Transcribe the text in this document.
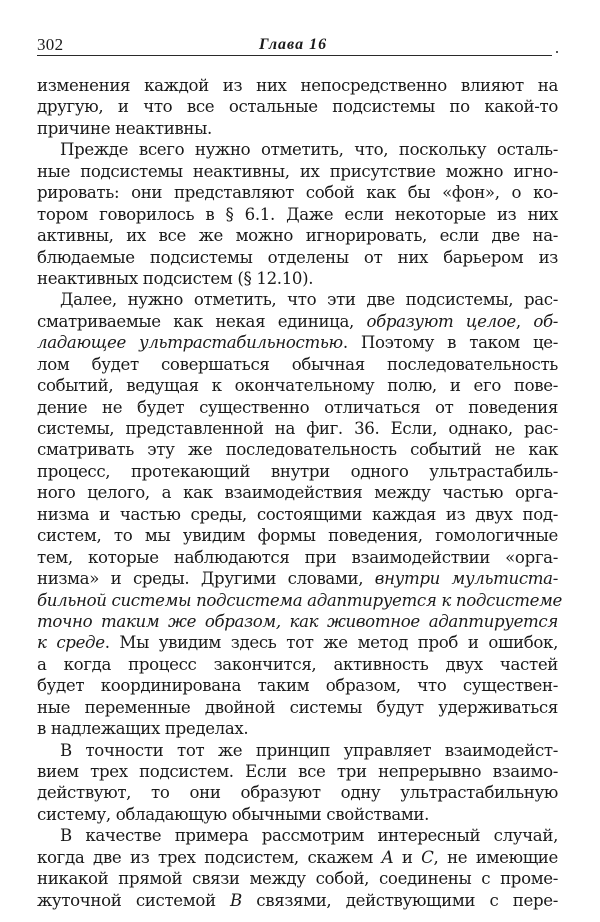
302	Глава 16
изменения каждой из них непосредственно влияют на
другую, и что все остальные подсистемы по какой-то
причине неактивны.
Прежде всего нужно отметить, что, поскольку осталь-
ные подсистемы неактивны, их присутствие можно игно-
рировать: они представляют собой как бы «фон», о ко-
тором говорилось в § 6.1. Даже если некоторые из них
активны, их все же можно игнорировать, если две на-
блюдаемые подсистемы отделены от них барьером из
неактивных подсистем (§ 12.10).
Далее, нужно отметить, что эти две подсистемы, рас-
сматриваемые как некая единица, образуют целое, об-
ладающее ультрастабильностью. Поэтому в таком це-
лом будет совершаться обычная последовательность
событий, ведущая к окончательному полю, и его пове-
дение не будет существенно отличаться от поведения
системы, представленной на фиг. 36. Если, однако, рас-
сматривать эту же последовательность событий не как
процесс, протекающий внутри одного ультрастабиль-
ного целого, а как взаимодействия между частью орга-
низма и частью среды, состоящими каждая из двух под-
систем, то мы увидим формы поведения, гомологичные
тем, которые наблюдаются при взаимодействии «орга-
низма» и среды. Другими словами, внутри мультиста-
бильной системы подсистема адаптируется к подсистеме
точно таким же образом, как животное адаптируется
к среде. Мы увидим здесь тот же метод проб и ошибок,
а когда процесс закончится, активность двух частей
будет координирована таким образом, что существен-
ные переменные двойной системы будут удерживаться
в надлежащих пределах.
В точности тот же принцип управляет взаимодейст-
вием трех подсистем. Если все три непрерывно взаимо-
действуют, то они образуют одну ультрастабильную
систему, обладающую обычными свойствами.
В качестве примера рассмотрим интересный случай,
когда две из трех подсистем, скажем A и C, не имеющие
никакой прямой связи между собой, соединены с проме-
жуточной системой B связями, действующими с пере-
